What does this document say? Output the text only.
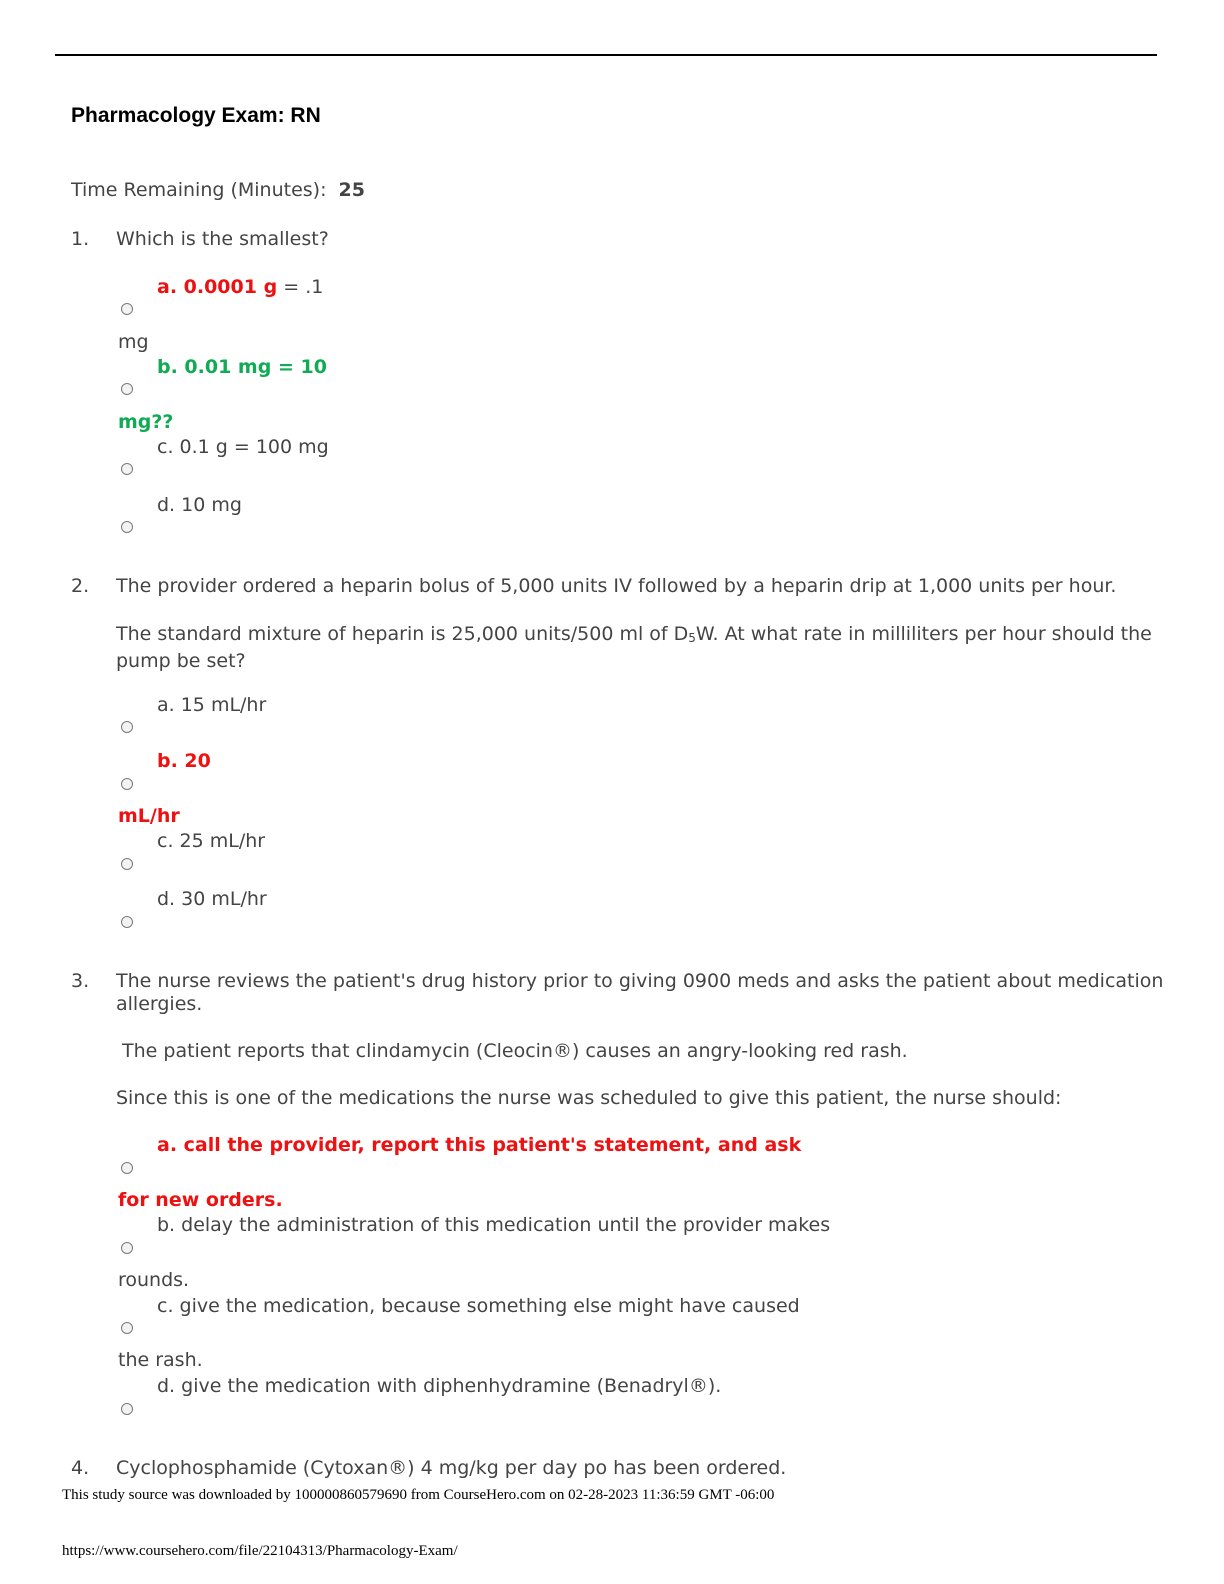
Pharmacology Exam: RN
Time Remaining (Minutes): 25
1. Which is the smallest?
a. 0.0001 g = .1
mg
b. 0.01 mg = 10
mg??
c. 0.1 g = 100 mg
d. 10 mg
2. The provider ordered a heparin bolus of 5,000 units IV followed by a heparin drip at 1,000 units per hour.
The standard mixture of heparin is 25,000 units/500 ml of $D_5W$. At what rate in milliliters per hour should the pump be set?
a. 15 mL/hr
b. 20
mL/hr
c. 25 mL/hr
d. 30 mL/hr
3. The nurse reviews the patient's drug history prior to giving 0900 meds and asks the patient about medication allergies.
The patient reports that clindamycin (Cleocin®) causes an angry-looking red rash.
Since this is one of the medications the nurse was scheduled to give this patient, the nurse should:
a. call the provider, report this patient's statement, and ask
for new orders.
b. delay the administration of this medication until the provider makes
rounds.
c. give the medication, because something else might have caused
the rash.
d. give the medication with diphenhydramine (Benadryl®).
4. Cyclophosphamide (Cytoxan®) 4 mg/kg per day po has been ordered.
This study source was downloaded by 100000860579690 from CourseHero.com on 02-28-2023 11:36:59 GMT -06:00
https://www.coursehero.com/file/22104313/Pharmacology-Exam/
